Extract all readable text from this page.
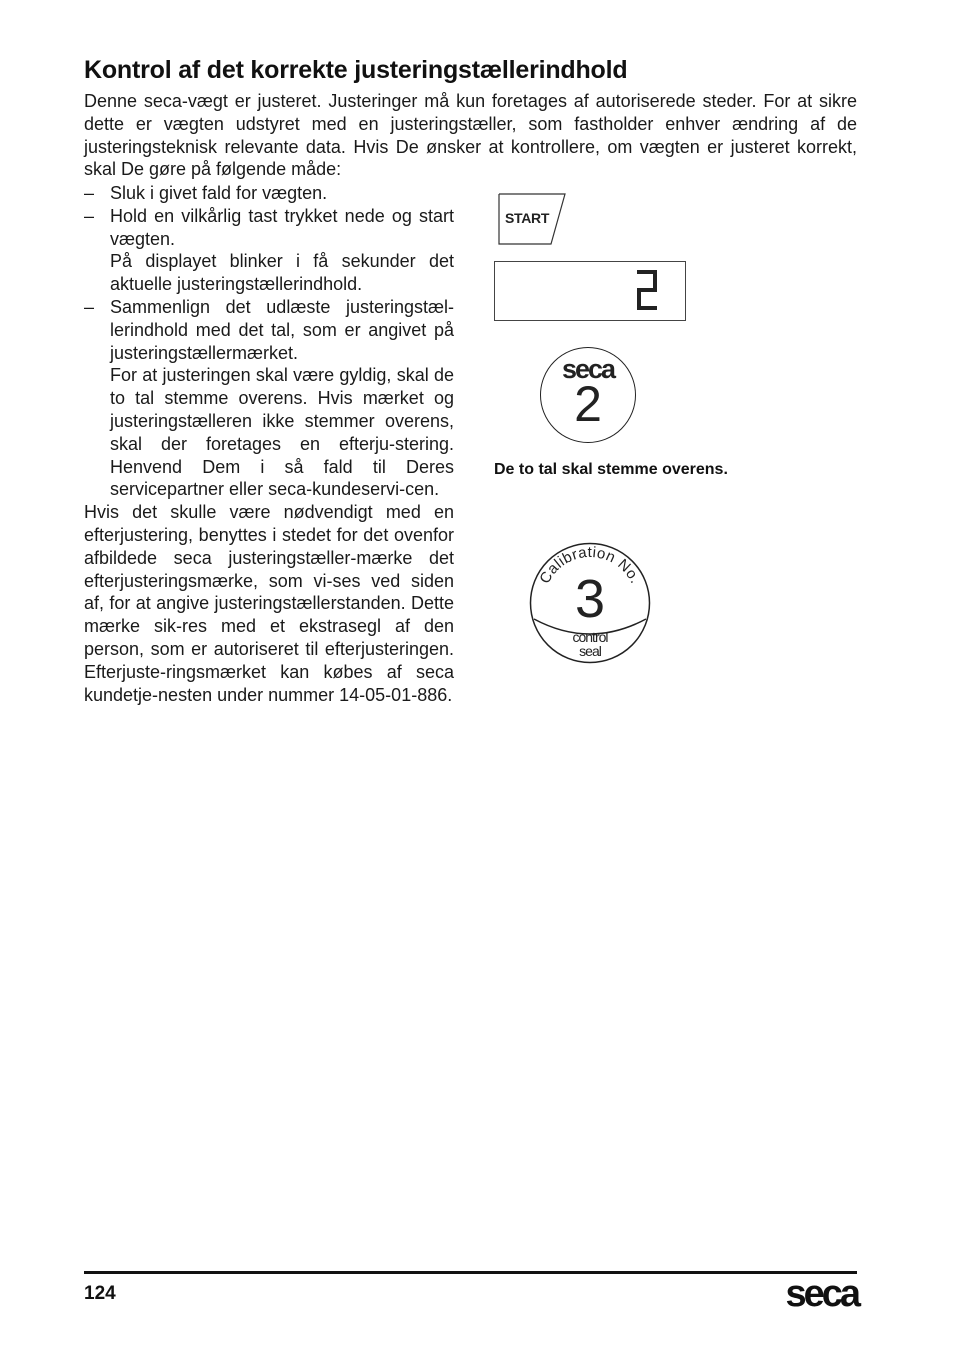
Kontrol af det korrekte justeringstællerindhold

Denne seca-vægt er justeret. Justeringer må kun foretages af autoriserede steder. For at sikre dette er vægten udstyret med en justeringstæller, som fastholder enhver ændring af de justeringsteknisk relevante data. Hvis De ønsker at kontrollere, om vægten er justeret korrekt, skal De gøre på følgende måde:

– Sluk i givet fald for vægten.
– Hold en vilkårlig tast trykket nede og start vægten.
På displayet blinker i få sekunder det aktuelle justeringstællerindhold.
– Sammenlign det udlæste justeringstæl-lerindhold med det tal, som er angivet på justeringstællermærket.
For at justeringen skal være gyldig, skal de to tal stemme overens. Hvis mærket og justeringstælleren ikke stemmer overens, skal der foretages en efterju-stering. Henvend Dem i så fald til Deres servicepartner eller seca-kundeservi-cen.
Hvis det skulle være nødvendigt med en efterjustering, benyttes i stedet for det ovenfor afbildede seca justeringstæller-mærke det efterjusteringsmærke, som vi-ses ved siden af, for at angive justeringstællerstanden. Dette mærke sik-res med et ekstrasegl af den person, som er autoriseret til efterjusteringen. Efterjuste-ringsmærket kan købes af seca kundetje-nesten under nummer 14-05-01-886.
START
seca
2
De to tal skal stemme overens.
Calibration No.
3
control
seal
124	seca
